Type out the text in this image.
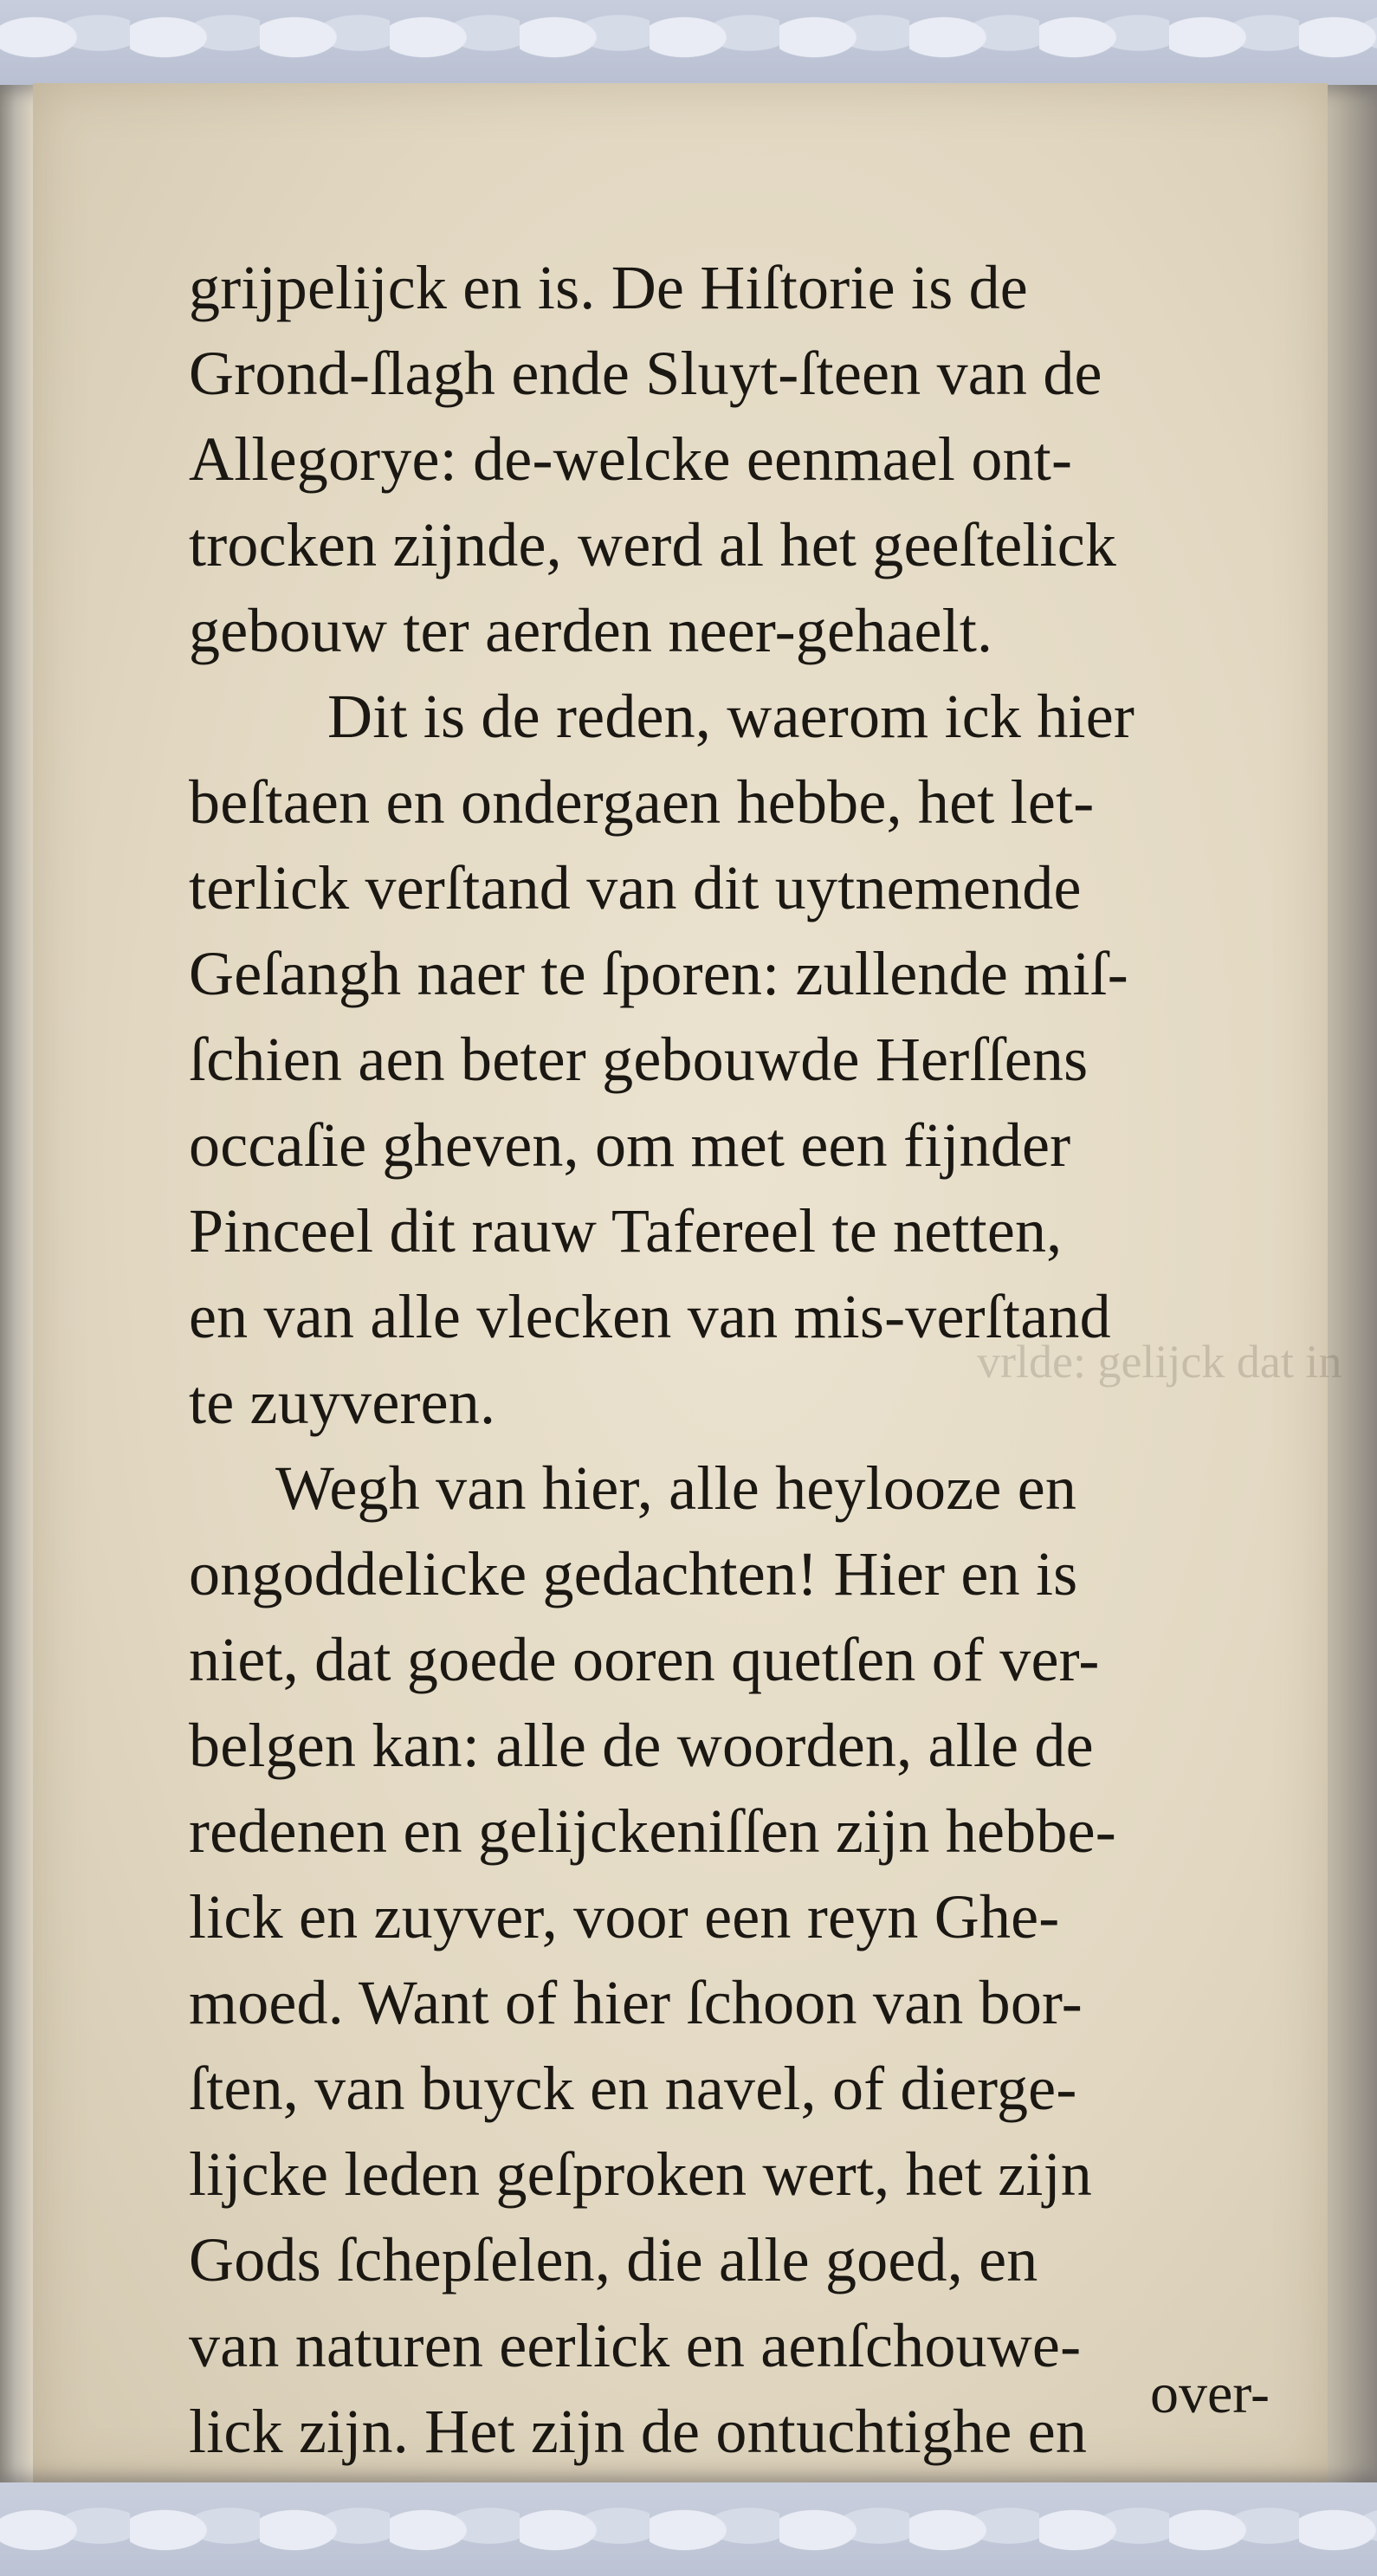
vrlde: gelijck dat in
grijpelijck en is. De Hiſtorie is de
Grond-ſlagh ende Sluyt-ſteen van de
Allegorye: de-welcke eenmael ont-
trocken zijnde, werd al het geeſtelick
gebouw ter aerden neer-gehaelt.
Dit is de reden, waerom ick hier
beſtaen en ondergaen hebbe, het let-
terlick verſtand van dit uytnemende
Geſangh naer te ſporen: zullende miſ-
ſchien aen beter gebouwde Herſſens
occaſie gheven, om met een fijnder
Pinceel dit rauw Tafereel te netten,
en van alle vlecken van mis-verſtand
te zuyveren.
Wegh van hier, alle heylooze en
ongoddelicke gedachten! Hier en is
niet, dat goede ooren quetſen of ver-
belgen kan: alle de woorden, alle de
redenen en gelijckeniſſen zijn hebbe-
lick en zuyver, voor een reyn Ghe-
moed. Want of hier ſchoon van bor-
ſten, van buyck en navel, of dierge-
lijcke leden geſproken wert, het zijn
Gods ſchepſelen, die alle goed, en
van naturen eerlick en aenſchouwe-
lick zijn. Het zijn de ontuchtighe en
over-
